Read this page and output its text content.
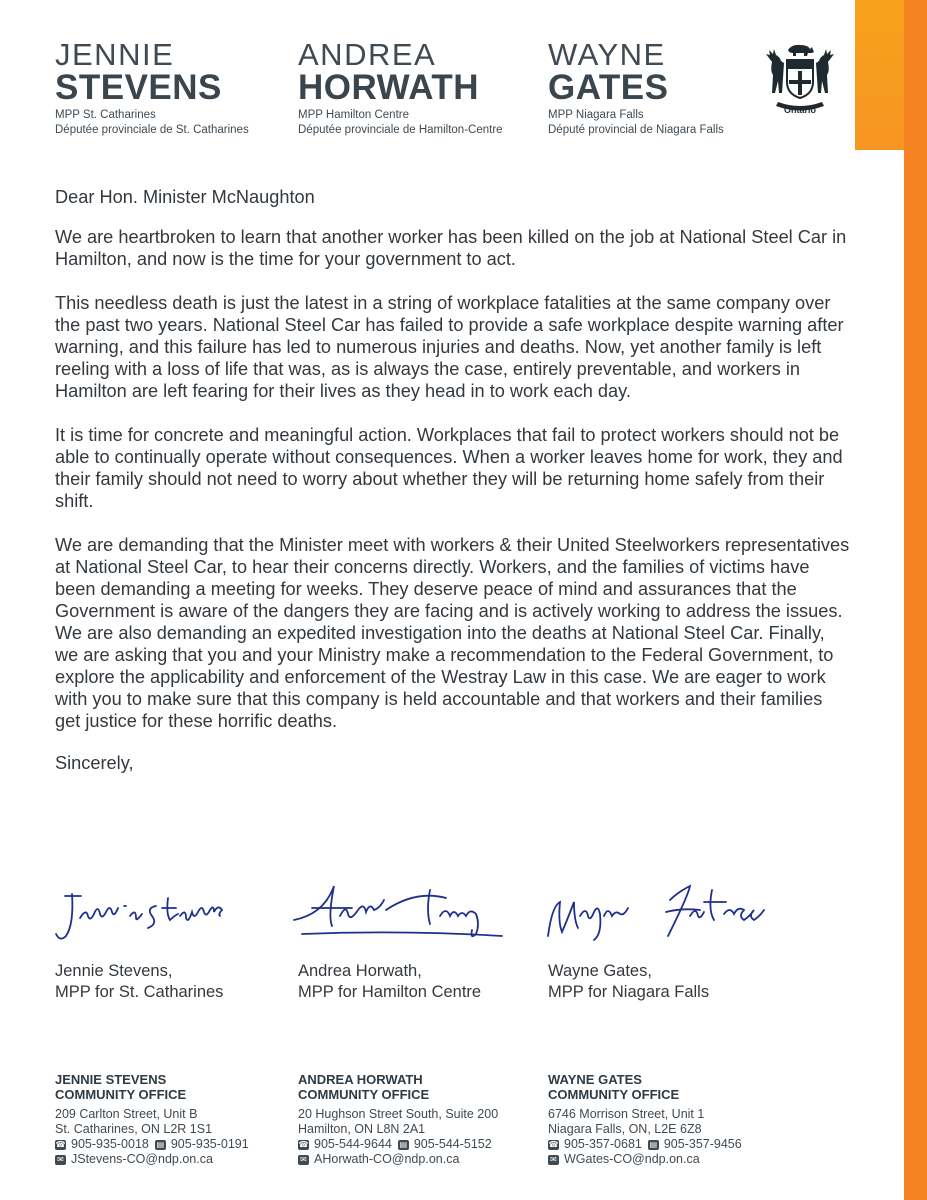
JENNIE
STEVENS
MPP St. Catharines
Députée provinciale de St. Catharines
ANDREA
HORWATH
MPP Hamilton Centre
Députée provinciale de Hamilton-Centre
WAYNE
GATES
MPP Niagara Falls
Député provincial de Niagara Falls
Ontario

Dear Hon. Minister McNaughton

We are heartbroken to learn that another worker has been killed on the job at National Steel Car in Hamilton, and now is the time for your government to act.

This needless death is just the latest in a string of workplace fatalities at the same company over the past two years. National Steel Car has failed to provide a safe workplace despite warning after warning, and this failure has led to numerous injuries and deaths. Now, yet another family is left reeling with a loss of life that was, as is always the case, entirely preventable, and workers in Hamilton are left fearing for their lives as they head in to work each day.

It is time for concrete and meaningful action. Workplaces that fail to protect workers should not be able to continually operate without consequences. When a worker leaves home for work, they and their family should not need to worry about whether they will be returning home safely from their shift.

We are demanding that the Minister meet with workers & their United Steelworkers representatives at National Steel Car, to hear their concerns directly. Workers, and the families of victims have been demanding a meeting for weeks. They deserve peace of mind and assurances that the Government is aware of the dangers they are facing and is actively working to address the issues. We are also demanding an expedited investigation into the deaths at National Steel Car. Finally, we are asking that you and your Ministry make a recommendation to the Federal Government, to explore the applicability and enforcement of the Westray Law in this case. We are eager to work with you to make sure that this company is held accountable and that workers and their families get justice for these horrific deaths.

Sincerely,

Jennie Stevens,
MPP for St. Catharines
Andrea Horwath,
MPP for Hamilton Centre
Wayne Gates,
MPP for Niagara Falls
JENNIE STEVENS
COMMUNITY OFFICE
209 Carlton Street, Unit B
St. Catharines, ON L2R 1S1
☎ 905-935-0018 ▤ 905-935-0191
✉ JStevens-CO@ndp.on.ca
ANDREA HORWATH
COMMUNITY OFFICE
20 Hughson Street South, Suite 200
Hamilton, ON L8N 2A1
☎ 905-544-9644 ▤ 905-544-5152
✉ AHorwath-CO@ndp.on.ca
WAYNE GATES
COMMUNITY OFFICE
6746 Morrison Street, Unit 1
Niagara Falls, ON, L2E 6Z8
☎ 905-357-0681 ▤ 905-357-9456
✉ WGates-CO@ndp.on.ca
